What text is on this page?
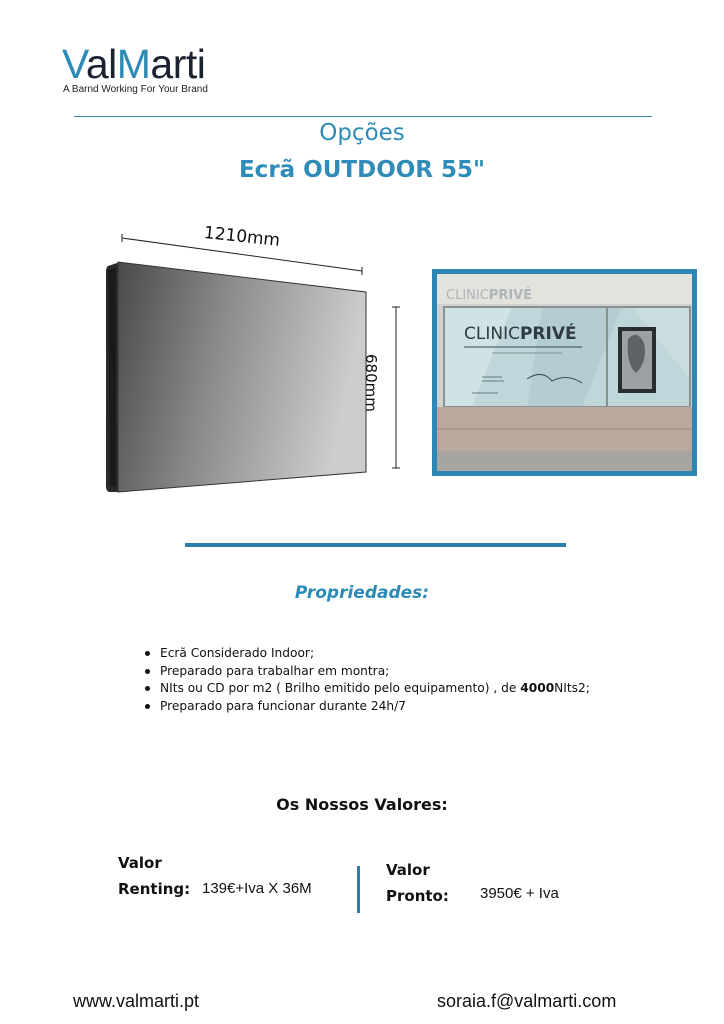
ValMarti
A Barnd Working For Your Brand
Opções
Ecrã OUTDOOR 55"
1210mm
680mm
CLINICPRIVÉ
CLINICPRIVÉ
Propriedades:
Ecrã Considerado Indoor;
Preparado para trabalhar em montra;
NIts ou CD por m2 ( Brilho emitido pelo equipamento) , de 4000NIts2;
Preparado para funcionar durante 24h/7
Os Nossos Valores:
Valor
Renting: 139€+Iva X 36M
Valor
Pronto: 3950€ + Iva
www.valmarti.pt	soraia.f@valmarti.com
